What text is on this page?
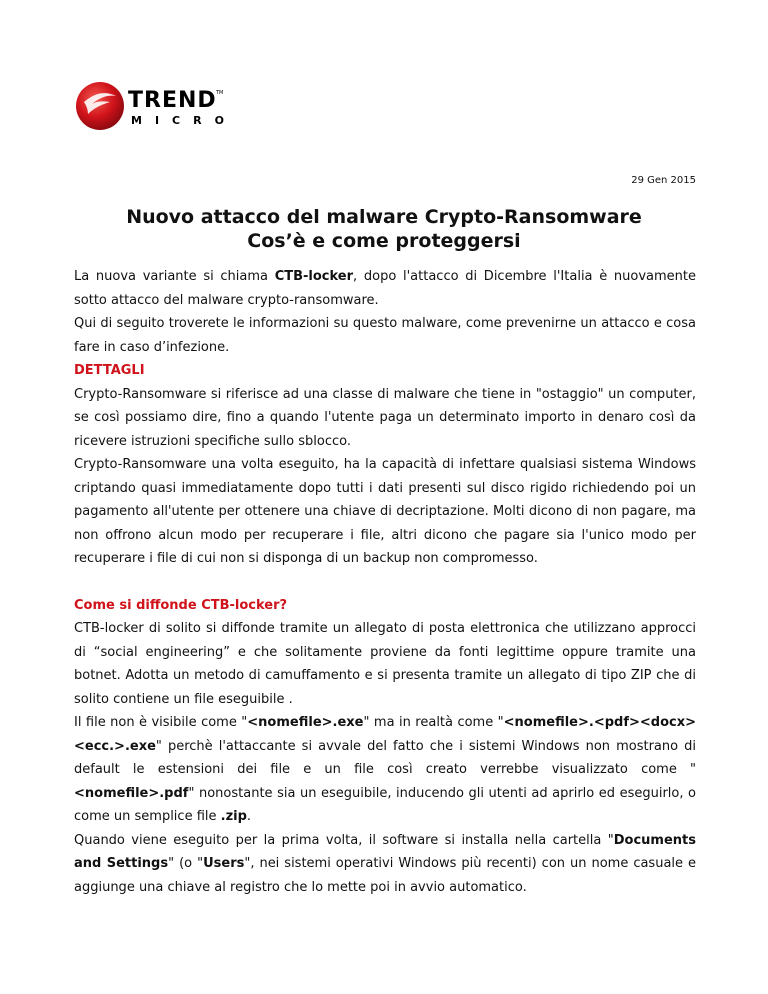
TREND TM
MICRO
29 Gen 2015
Nuovo attacco del malware Crypto-Ransomware
Cos’è e come proteggersi

La nuova variante si chiama CTB-locker, dopo l'attacco di Dicembre l'Italia è nuovamente sotto attacco del malware crypto-ransomware.

Qui di seguito troverete le informazioni su questo malware, come prevenirne un attacco e cosa fare in caso d’infezione.

DETTAGLI

Crypto-Ransomware si riferisce ad una classe di malware che tiene in "ostaggio" un computer, se così possiamo dire, fino a quando l'utente paga un determinato importo in denaro così da ricevere istruzioni specifiche sullo sblocco.

Crypto-Ransomware una volta eseguito, ha la capacità di infettare qualsiasi sistema Windows criptando quasi immediatamente dopo tutti i dati presenti sul disco rigido richiedendo poi un pagamento all'utente per ottenere una chiave di decriptazione. Molti dicono di non pagare, ma non offrono alcun modo per recuperare i file, altri dicono che pagare sia l'unico modo per recuperare i file di cui non si disponga di un backup non compromesso.

Come si diffonde CTB-locker?

CTB-locker di solito si diffonde tramite un allegato di posta elettronica che utilizzano approcci di “social engineering” e che solitamente proviene da fonti legittime oppure tramite una botnet. Adotta un metodo di camuffamento e si presenta tramite un allegato di tipo ZIP che di solito contiene un file eseguibile .

Il file non è visibile come "<nomefile>.exe" ma in realtà come "<nomefile>.<pdf><docx><ecc.>.exe" perchè l'attaccante si avvale del fatto che i sistemi Windows non mostrano di default le estensioni dei file e un file così creato verrebbe visualizzato come "<nomefile>.pdf" nonostante sia un eseguibile, inducendo gli utenti ad aprirlo ed eseguirlo, o come un semplice file .zip.

Quando viene eseguito per la prima volta, il software si installa nella cartella "Documents and Settings" (o "Users", nei sistemi operativi Windows più recenti) con un nome casuale e aggiunge una chiave al registro che lo mette poi in avvio automatico.
